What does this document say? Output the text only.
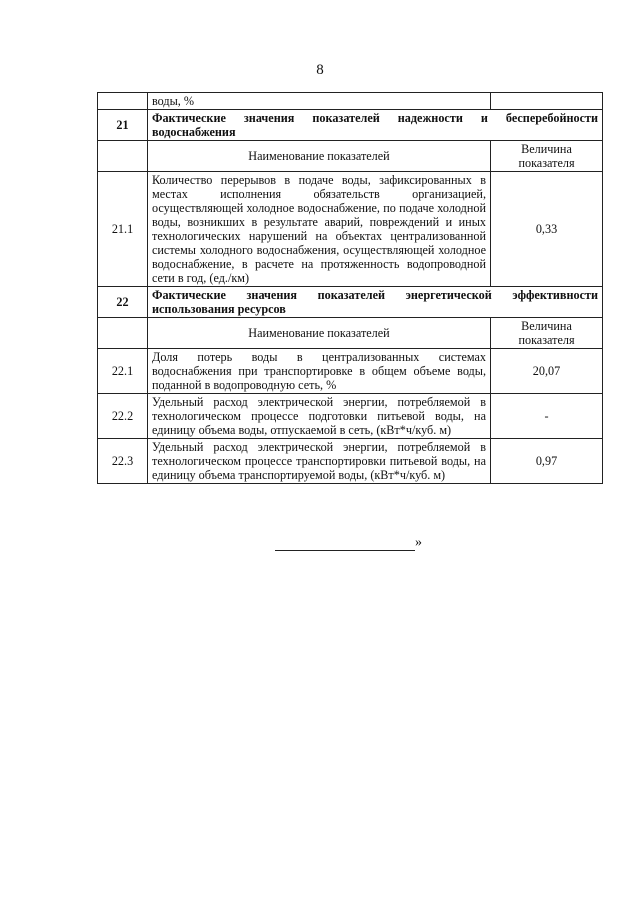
8
	воды, %	
21	Фактические значения показателей надежности и бесперебойности
водоснабжения	
	Наименование показателей	Величина показателя
21.1	Количество перерывов в подаче воды, зафиксированных в местах исполнения обязательств организацией, осуществляющей холодное водоснабжение, по подаче холодной воды, возникших в результате аварий, повреждений и иных технологических нарушений на объектах централизованной системы холодного водоснабжения, осуществляющей холодное водоснабжение, в расчете на протяженность водопроводной сети в год, (ед./км)	0,33
22	Фактические значения показателей энергетической эффективности
использования ресурсов	
	Наименование показателей	Величина показателя
22.1	Доля потерь воды в централизованных системах водоснабжения при транспортировке в общем объеме воды, поданной в водопроводную сеть, %	20,07
22.2	Удельный расход электрической энергии, потребляемой в технологическом процессе подготовки питьевой воды, на единицу объема воды, отпускаемой в сеть, (кВт*ч/куб. м)	-
22.3	Удельный расход электрической энергии, потребляемой в технологическом процессе транспортировки питьевой воды, на единицу объема транспортируемой воды, (кВт*ч/куб. м)	0,97
»
